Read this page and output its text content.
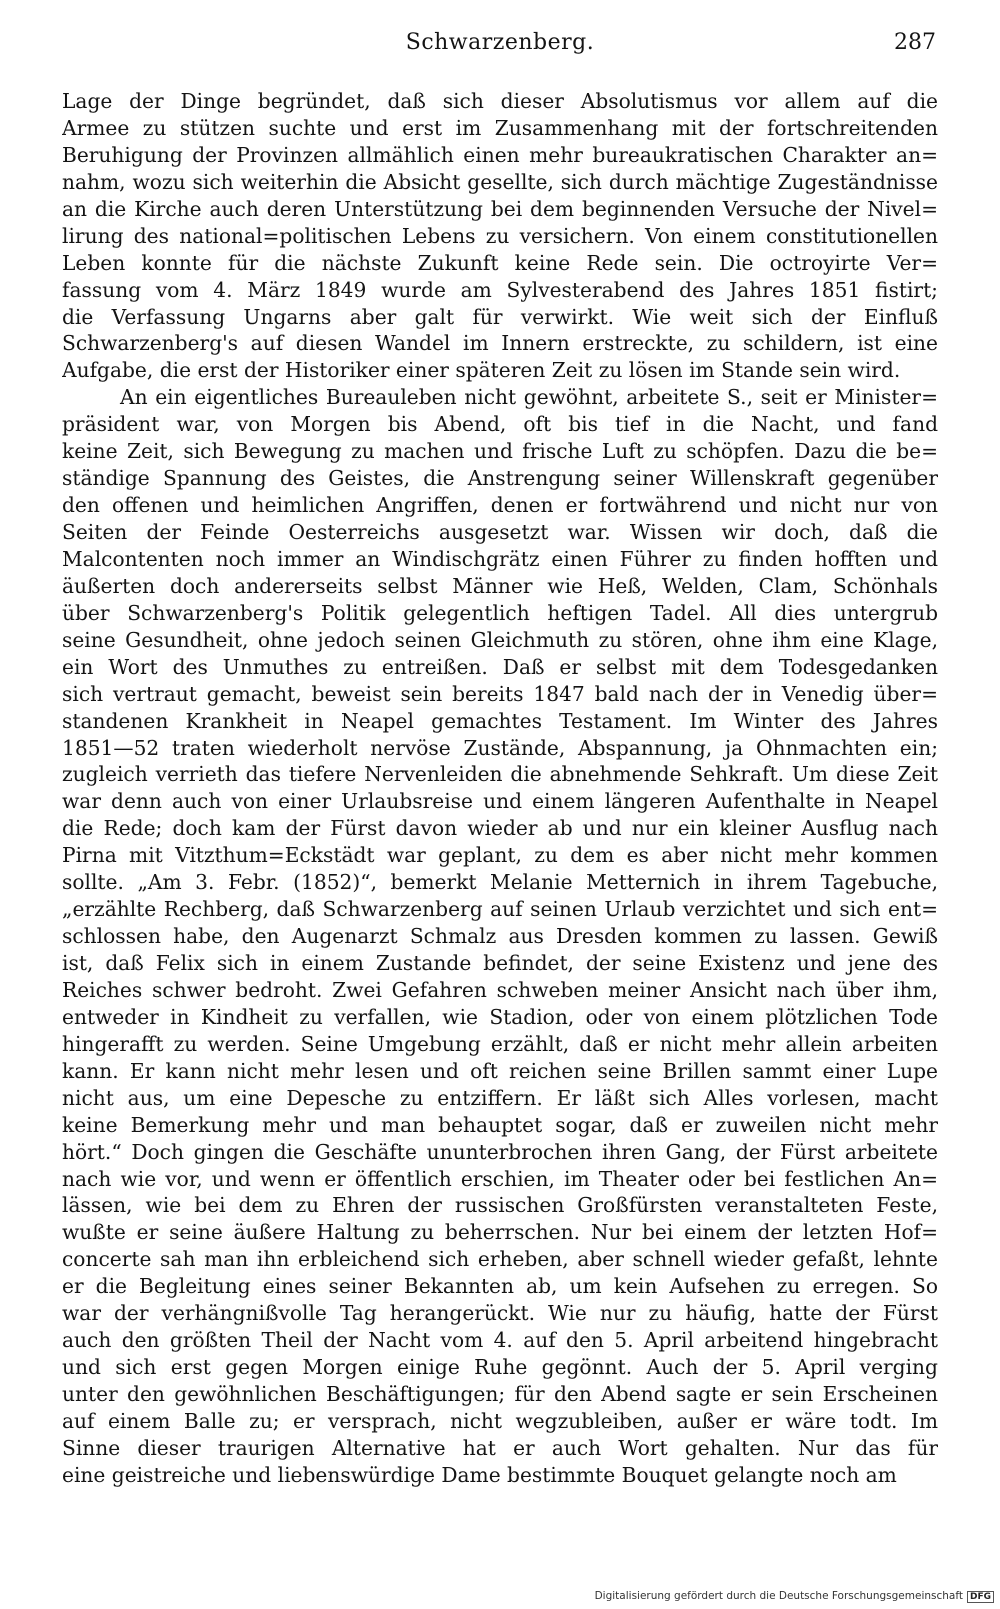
Schwarzenberg.	287
Lage der Dinge begründet, daß sich dieser Absolutismus vor allem auf die
Armee zu stützen suchte und erst im Zusammenhang mit der fortschreitenden
Beruhigung der Provinzen allmählich einen mehr bureaukratischen Charakter an=
nahm, wozu sich weiterhin die Absicht gesellte, sich durch mächtige Zugeständnisse
an die Kirche auch deren Unterstützung bei dem beginnenden Versuche der Nivel=
lirung des national=politischen Lebens zu versichern. Von einem constitutionellen
Leben konnte für die nächste Zukunft keine Rede sein. Die octroyirte Ver=
fassung vom 4. März 1849 wurde am Sylvesterabend des Jahres 1851 fistirt;
die Verfassung Ungarns aber galt für verwirkt. Wie weit sich der Einfluß
Schwarzenberg's auf diesen Wandel im Innern erstreckte, zu schildern, ist eine
Aufgabe, die erst der Historiker einer späteren Zeit zu lösen im Stande sein wird.
An ein eigentliches Bureauleben nicht gewöhnt, arbeitete S., seit er Minister=
präsident war, von Morgen bis Abend, oft bis tief in die Nacht, und fand
keine Zeit, sich Bewegung zu machen und frische Luft zu schöpfen. Dazu die be=
ständige Spannung des Geistes, die Anstrengung seiner Willenskraft gegenüber
den offenen und heimlichen Angriffen, denen er fortwährend und nicht nur von
Seiten der Feinde Oesterreichs ausgesetzt war. Wissen wir doch, daß die
Malcontenten noch immer an Windischgrätz einen Führer zu finden hofften und
äußerten doch andererseits selbst Männer wie Heß, Welden, Clam, Schönhals
über Schwarzenberg's Politik gelegentlich heftigen Tadel. All dies untergrub
seine Gesundheit, ohne jedoch seinen Gleichmuth zu stören, ohne ihm eine Klage,
ein Wort des Unmuthes zu entreißen. Daß er selbst mit dem Todesgedanken
sich vertraut gemacht, beweist sein bereits 1847 bald nach der in Venedig über=
standenen Krankheit in Neapel gemachtes Testament. Im Winter des Jahres
1851—52 traten wiederholt nervöse Zustände, Abspannung, ja Ohnmachten ein;
zugleich verrieth das tiefere Nervenleiden die abnehmende Sehkraft. Um diese Zeit
war denn auch von einer Urlaubsreise und einem längeren Aufenthalte in Neapel
die Rede; doch kam der Fürst davon wieder ab und nur ein kleiner Ausflug nach
Pirna mit Vitzthum=Eckstädt war geplant, zu dem es aber nicht mehr kommen
sollte. „Am 3. Febr. (1852)“, bemerkt Melanie Metternich in ihrem Tagebuche,
„erzählte Rechberg, daß Schwarzenberg auf seinen Urlaub verzichtet und sich ent=
schlossen habe, den Augenarzt Schmalz aus Dresden kommen zu lassen. Gewiß
ist, daß Felix sich in einem Zustande befindet, der seine Existenz und jene des
Reiches schwer bedroht. Zwei Gefahren schweben meiner Ansicht nach über ihm,
entweder in Kindheit zu verfallen, wie Stadion, oder von einem plötzlichen Tode
hingerafft zu werden. Seine Umgebung erzählt, daß er nicht mehr allein arbeiten
kann. Er kann nicht mehr lesen und oft reichen seine Brillen sammt einer Lupe
nicht aus, um eine Depesche zu entziffern. Er läßt sich Alles vorlesen, macht
keine Bemerkung mehr und man behauptet sogar, daß er zuweilen nicht mehr
hört.“ Doch gingen die Geschäfte ununterbrochen ihren Gang, der Fürst arbeitete
nach wie vor, und wenn er öffentlich erschien, im Theater oder bei festlichen An=
lässen, wie bei dem zu Ehren der russischen Großfürsten veranstalteten Feste,
wußte er seine äußere Haltung zu beherrschen. Nur bei einem der letzten Hof=
concerte sah man ihn erbleichend sich erheben, aber schnell wieder gefaßt, lehnte
er die Begleitung eines seiner Bekannten ab, um kein Aufsehen zu erregen. So
war der verhängnißvolle Tag herangerückt. Wie nur zu häufig, hatte der Fürst
auch den größten Theil der Nacht vom 4. auf den 5. April arbeitend hingebracht
und sich erst gegen Morgen einige Ruhe gegönnt. Auch der 5. April verging
unter den gewöhnlichen Beschäftigungen; für den Abend sagte er sein Erscheinen
auf einem Balle zu; er versprach, nicht wegzubleiben, außer er wäre todt. Im
Sinne dieser traurigen Alternative hat er auch Wort gehalten. Nur das für
eine geistreiche und liebenswürdige Dame bestimmte Bouquet gelangte noch am
Digitalisierung gefördert durch die Deutsche Forschungsgemeinschaft DFG
